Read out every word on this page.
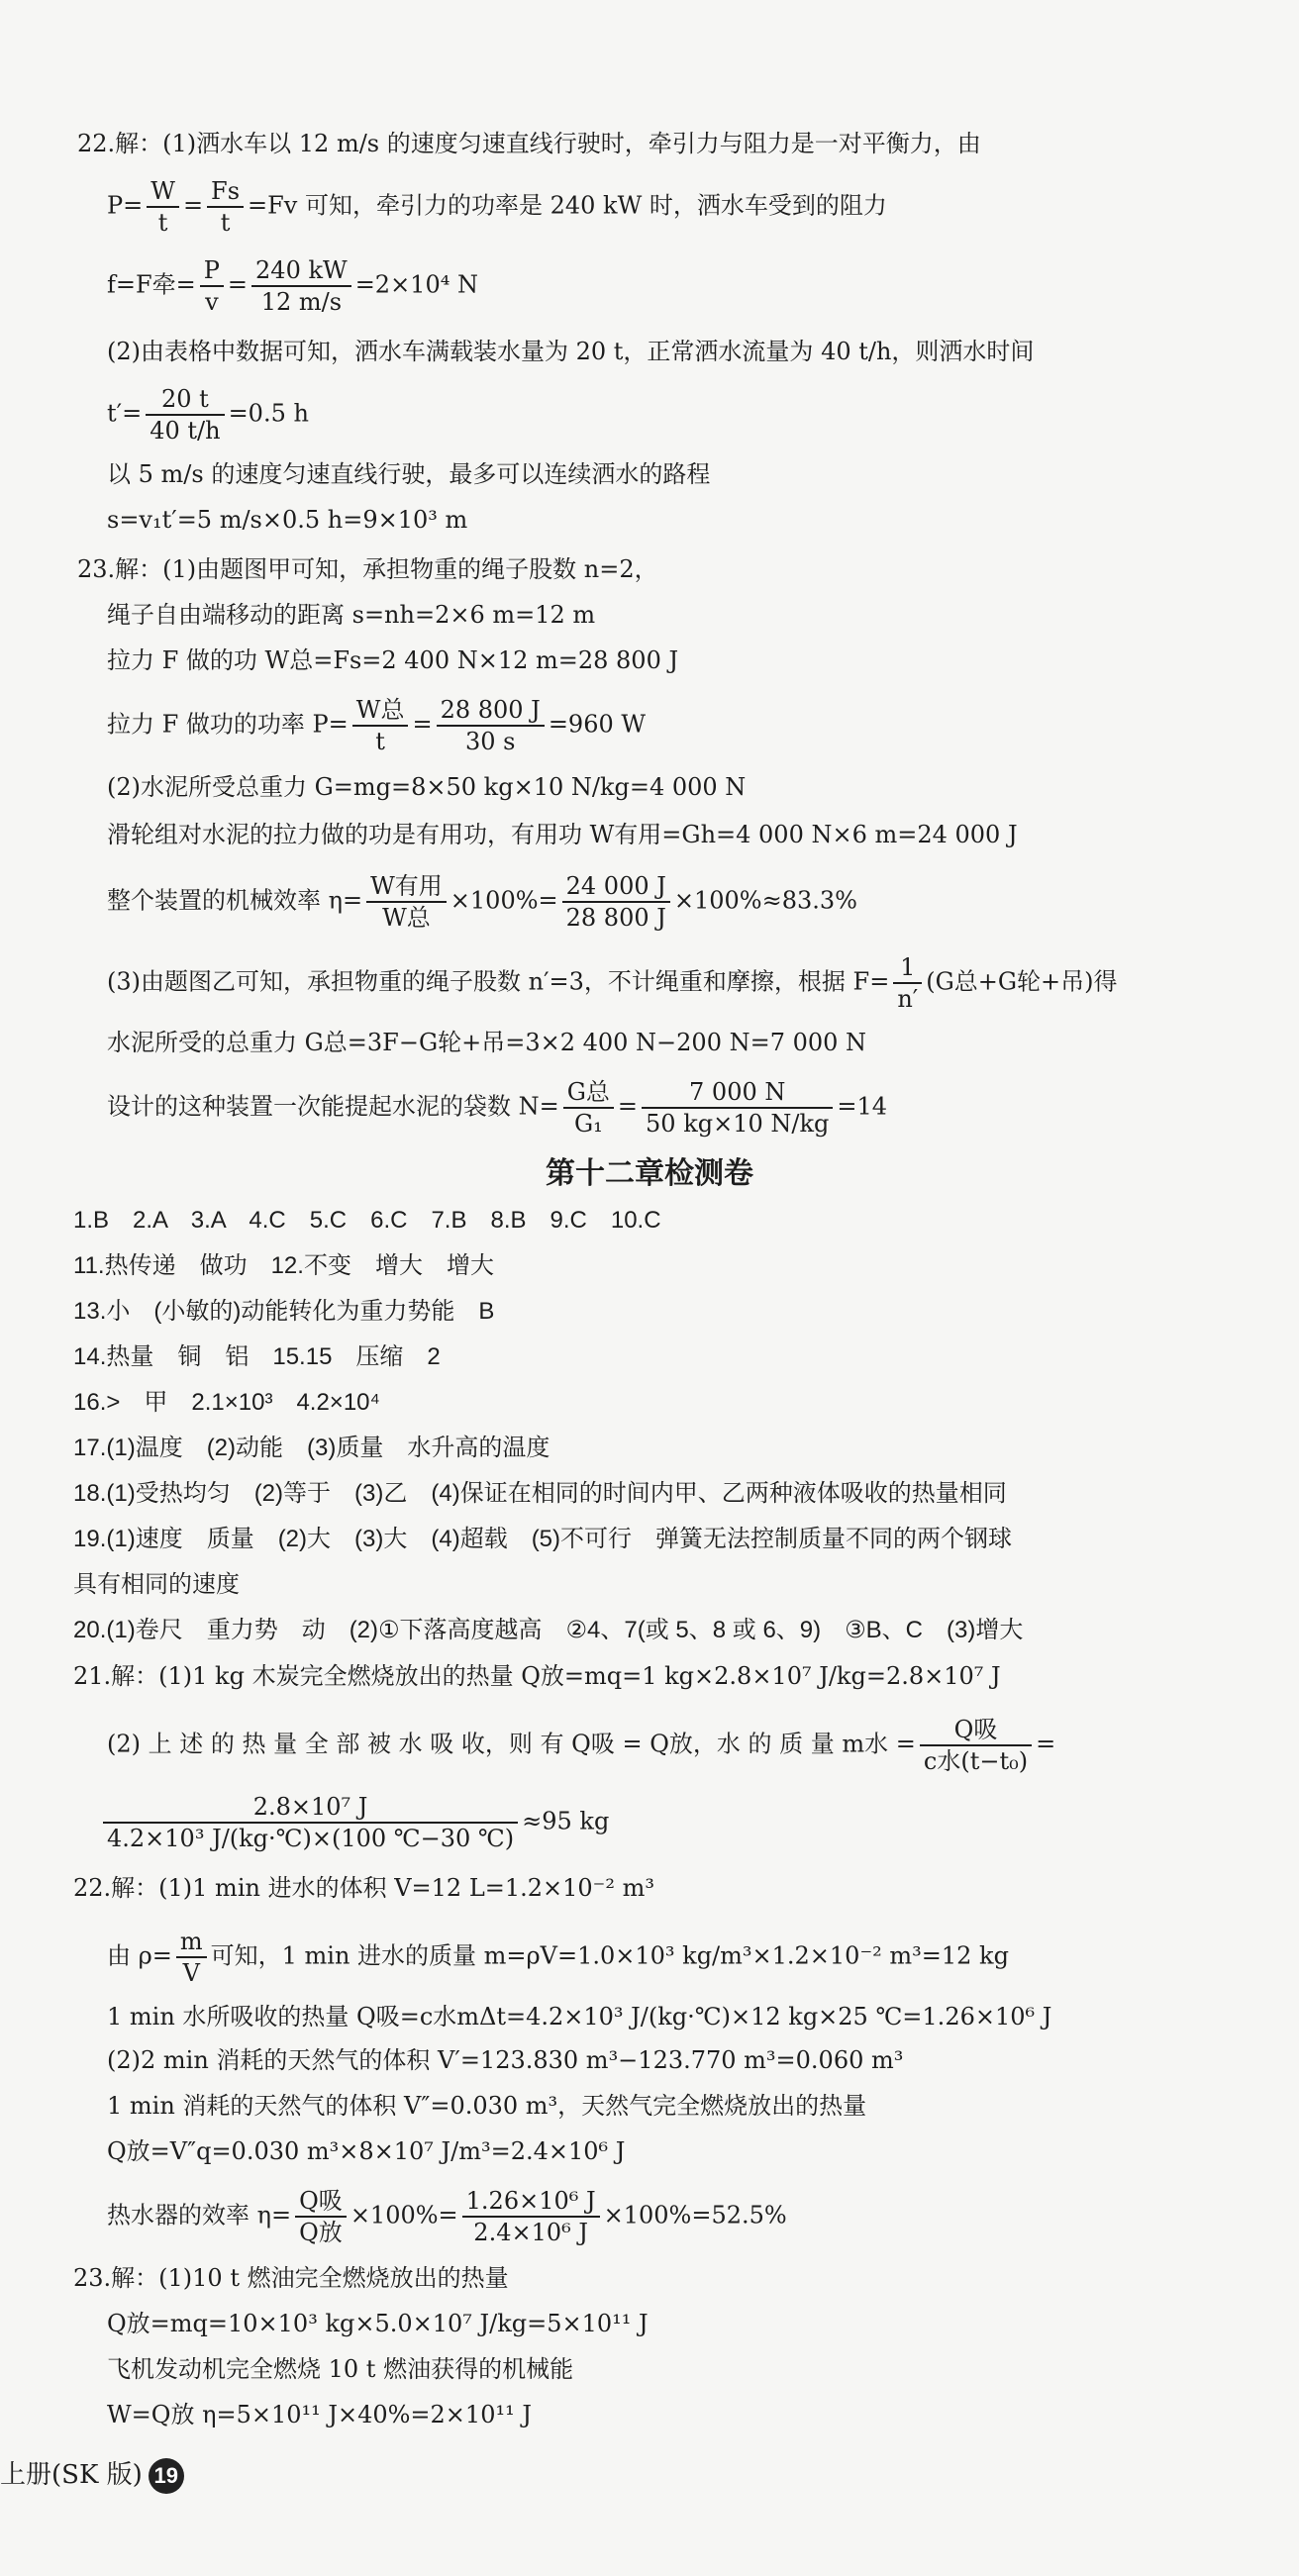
22.解：(1)洒水车以 12 m/s 的速度匀速直线行驶时，牵引力与阻力是一对平衡力，由
$P= \frac{W}{t} = \frac{Fs}{t} =Fv$ 可知，牵引力的功率是 240 kW 时，洒水车受到的阻力
f=F牵= $\frac{P}{v} = \frac{240 kW}{12 m/s} =2\times 10^4$ N
(2)由表格中数据可知，洒水车满载装水量为 20 t，正常洒水流量为 40 t/h，则洒水时间
$t'= \frac{20 t}{40 t/h} =0.5$ h
以 5 m/s 的速度匀速直线行驶，最多可以连续洒水的路程
s=v₁t′=5 m/s×0.5 h=9×10³ m
23.解：(1)由题图甲可知，承担物重的绳子股数 n=2，
绳子自由端移动的距离 s=nh=2×6 m=12 m
拉力 F 做的功 W总=Fs=2 400 N×12 m=28 800 J
拉力 F 做功的功率 $P= \frac{\text{W总}}{t} = \frac{28 800 J}{30 s} =960$ W
(2)水泥所受总重力 G=mg=8×50 kg×10 N/kg=4 000 N
滑轮组对水泥的拉力做的功是有用功，有用功 W有用=Gh=4 000 N×6 m=24 000 J
整个装置的机械效率 $\eta= \frac{\text{W有用}}{\text{W总}} \times 100\%= \frac{24 000 J}{28 800 J} \times 100\%\approx 83.3\%$
(3)由题图乙可知，承担物重的绳子股数 n′=3，不计绳重和摩擦，根据 $F= \frac{1}{n'} (G$总+G轮+吊)得
水泥所受的总重力 G总=3F−G轮+吊=3×2 400 N−200 N=7 000 N
设计的这种装置一次能提起水泥的袋数 $N= \frac{\text{G总}}{\text{G₁}} = \frac{7 000 N}{50 kg\times 10 N/kg} =14$
第十二章检测卷
1.B　2.A　3.A　4.C　5.C　6.C　7.B　8.B　9.C　10.C
11.热传递　做功　12.不变　增大　增大
13.小　(小敏的)动能转化为重力势能　B
14.热量　铜　铝　15.15　压缩　2
16.>　甲　2.1×10³　4.2×10⁴
17.(1)温度　(2)动能　(3)质量　水升高的温度
18.(1)受热均匀　(2)等于　(3)乙　(4)保证在相同的时间内甲、乙两种液体吸收的热量相同
19.(1)速度　质量　(2)大　(3)大　(4)超载　(5)不可行　弹簧无法控制质量不同的两个钢球
具有相同的速度
20.(1)卷尺　重力势　动　(2)①下落高度越高　②4、7(或 5、8 或 6、9)　③B、C　(3)增大
21.解：(1)1 kg 木炭完全燃烧放出的热量 Q放=mq=1 kg×2.8×10⁷ J/kg=2.8×10⁷ J
(2) 上 述 的 热 量 全 部 被 水 吸 收，则 有 Q吸 = Q放，水 的 质 量 m水 = $\frac{\text{Q吸}}{\text{c水(t−t₀)}}$ =
$\frac{\text{2.8×10⁷ J}}{\text{4.2×10³ J/(kg·℃)×(100 ℃−30 ℃)}} \approx 95$ kg
22.解：(1)1 min 进水的体积 V=12 L=1.2×10⁻² m³
由 $\rho= \frac{m}{V}$ 可知，1 min 进水的质量 m=ρV=1.0×10³ kg/m³×1.2×10⁻² m³=12 kg
1 min 水所吸收的热量 Q吸=c水mΔt=4.2×10³ J/(kg·℃)×12 kg×25 ℃=1.26×10⁶ J
(2)2 min 消耗的天然气的体积 V′=123.830 m³−123.770 m³=0.060 m³
1 min 消耗的天然气的体积 V″=0.030 m³，天然气完全燃烧放出的热量
Q放=V″q=0.030 m³×8×10⁷ J/m³=2.4×10⁶ J
热水器的效率 $\eta= \frac{\text{Q吸}}{\text{Q放}} \times 100\%= \frac{\text{1.26×10⁶ J}}{\text{2.4×10⁶ J}} \times 100\%=52.5\%$
23.解：(1)10 t 燃油完全燃烧放出的热量
Q放=mq=10×10³ kg×5.0×10⁷ J/kg=5×10¹¹ J
飞机发动机完全燃烧 10 t 燃油获得的机械能
W=Q放 η=5×10¹¹ J×40%=2×10¹¹ J
上册(SK 版) 19
